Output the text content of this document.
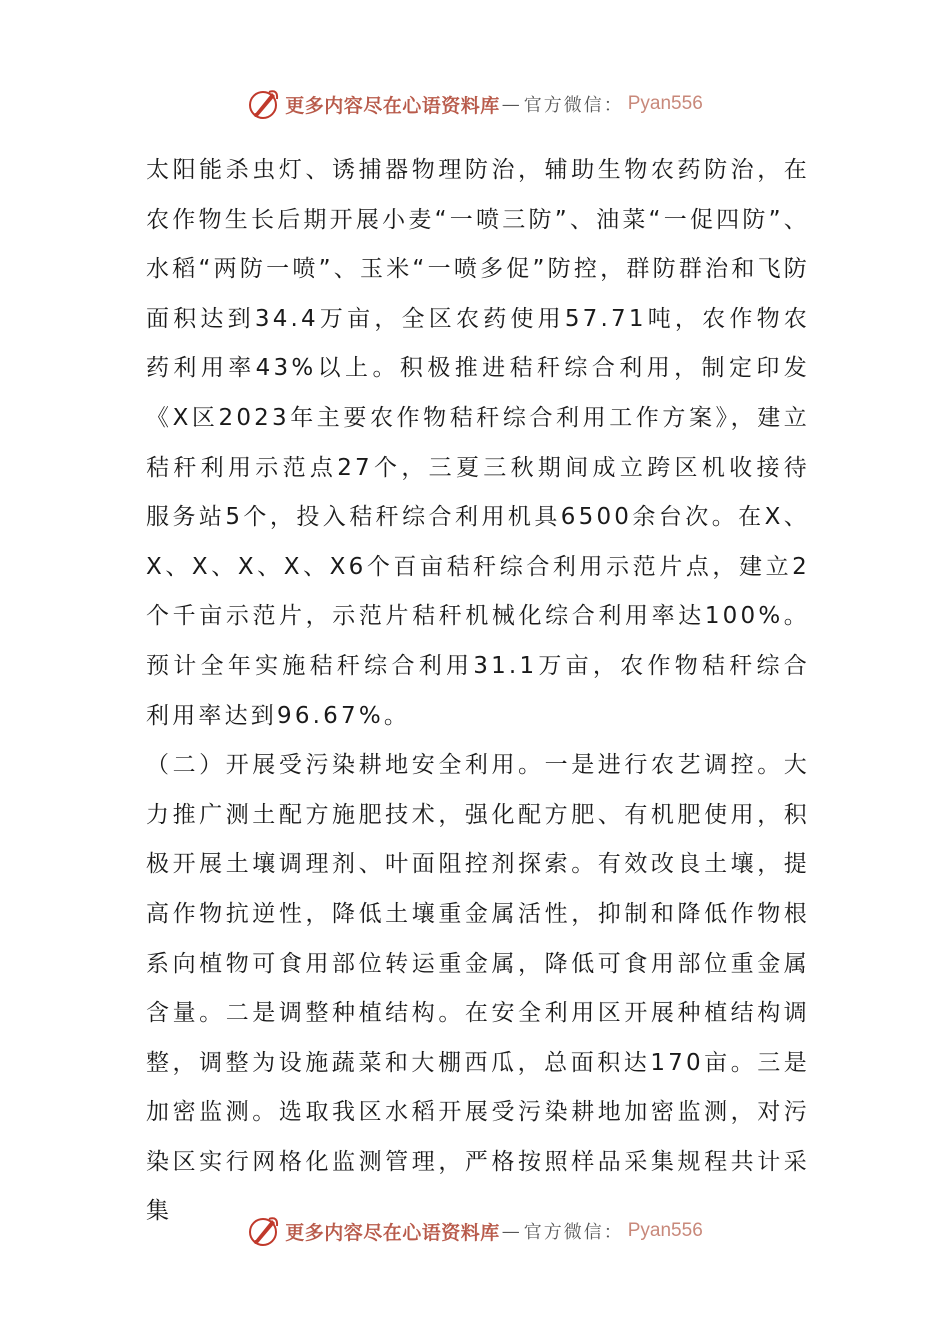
更多内容尽在心语资料库 — 官方微信： Pyan556

太阳能杀虫灯、诱捕器物理防治，辅助生物农药防治，在农作物生长后期开展小麦“一喷三防”、油菜“一促四防”、水稻“两防一喷”、玉米“一喷多促”防控，群防群治和飞防面积达到34.4万亩，全区农药使用57.71吨，农作物农药利用率43%以上。积极推进秸秆综合利用，制定印发《X区2023年主要农作物秸秆综合利用工作方案》，建立秸秆利用示范点27个，三夏三秋期间成立跨区机收接待服务站5个，投入秸秆综合利用机具6500余台次。在X、X、X、X、X、X6个百亩秸秆综合利用示范片点，建立2个千亩示范片，示范片秸秆机械化综合利用率达100%。预计全年实施秸秆综合利用31.1万亩，农作物秸秆综合利用率达到96.67%。

（二）开展受污染耕地安全利用。一是进行农艺调控。大力推广测土配方施肥技术，强化配方肥、有机肥使用，积极开展土壤调理剂、叶面阻控剂探索。有效改良土壤，提高作物抗逆性，降低土壤重金属活性，抑制和降低作物根系向植物可食用部位转运重金属，降低可食用部位重金属含量。二是调整种植结构。在安全利用区开展种植结构调整，调整为设施蔬菜和大棚西瓜，总面积达170亩。三是加密监测。选取我区水稻开展受污染耕地加密监测，对污染区实行网格化监测管理，严格按照样品采集规程共计采集

更多内容尽在心语资料库 — 官方微信： Pyan556
